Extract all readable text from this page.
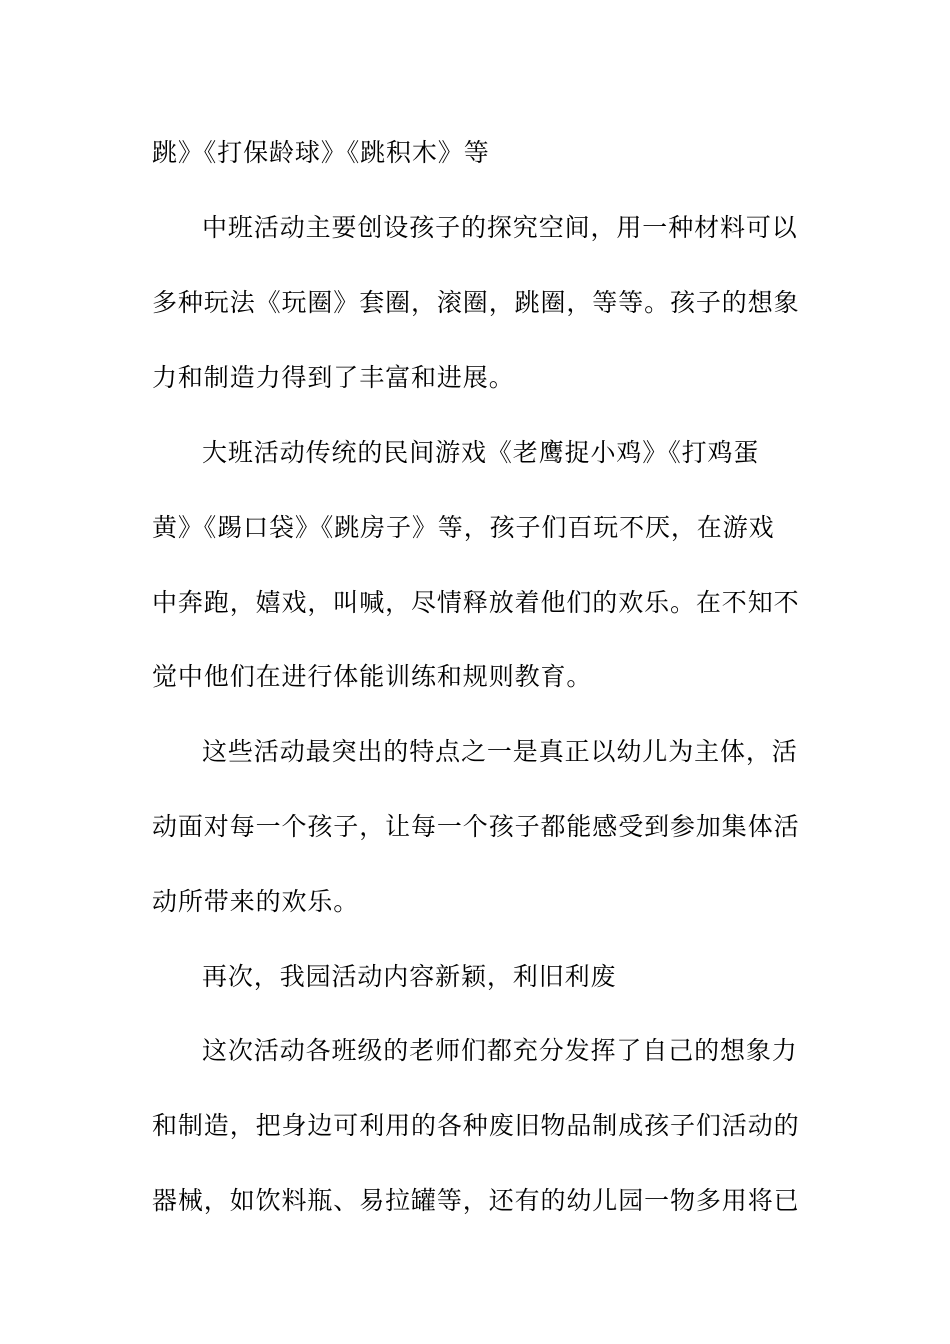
跳》《打保龄球》《跳积木》等

中班活动主要创设孩子的探究空间，用一种材料可以

多种玩法《玩圈》套圈，滚圈，跳圈，等等。孩子的想象

力和制造力得到了丰富和进展。

大班活动传统的民间游戏《老鹰捉小鸡》《打鸡蛋

黄》《踢口袋》《跳房子》等，孩子们百玩不厌，在游戏

中奔跑，嬉戏，叫喊，尽情释放着他们的欢乐。在不知不

觉中他们在进行体能训练和规则教育。

这些活动最突出的特点之一是真正以幼儿为主体，活

动面对每一个孩子，让每一个孩子都能感受到参加集体活

动所带来的欢乐。

再次，我园活动内容新颖，利旧利废

这次活动各班级的老师们都充分发挥了自己的想象力

和制造，把身边可利用的各种废旧物品制成孩子们活动的

器械，如饮料瓶、易拉罐等，还有的幼儿园一物多用将已
